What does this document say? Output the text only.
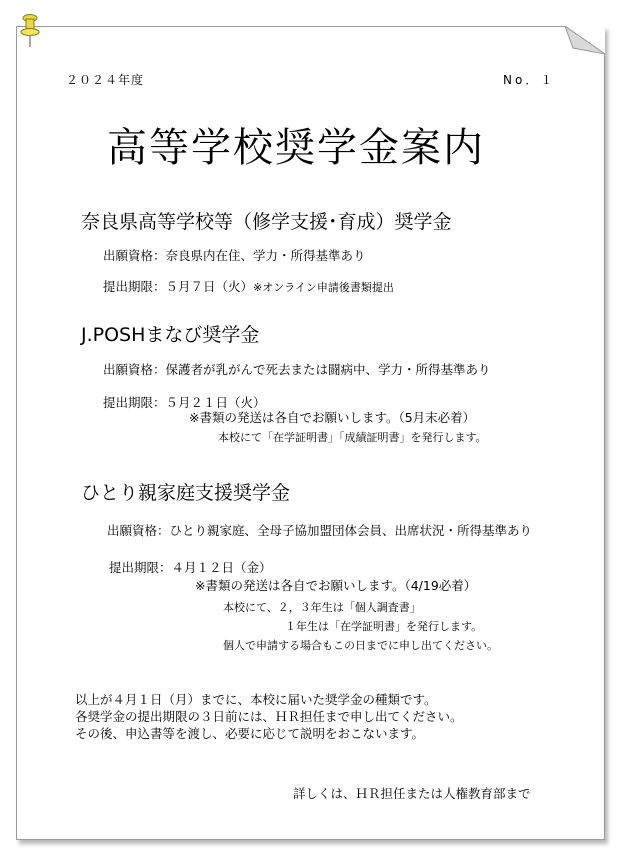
２０２４年度	No．１

高等学校奨学金案内

奈良県高等学校等（修学支援･育成）奨学金

出願資格：奈良県内在住、学力・所得基準あり

提出期限：５月７日（火）※オンライン申請後書類提出

J.POSHまなび奨学金

出願資格：保護者が乳がんで死去または闘病中、学力・所得基準あり

提出期限：５月２１日（火）

※書類の発送は各自でお願いします。（5月末必着）

本校にて「在学証明書」「成績証明書」を発行します。

ひとり親家庭支援奨学金

出願資格：ひとり親家庭、全母子協加盟団体会員、出席状況・所得基準あり

提出期限：４月１２日（金）

※書類の発送は各自でお願いします。（4/19必着）

本校にて、２，３年生は「個人調査書」

１年生は「在学証明書」を発行します。

個人で申請する場合もこの日までに申し出てください。

以上が４月１日（月）までに、本校に届いた奨学金の種類です。

各奨学金の提出期限の３日前には、ＨＲ担任まで申し出てください。

その後、申込書等を渡し、必要に応じて説明をおこないます。

詳しくは、ＨＲ担任または人権教育部まで
